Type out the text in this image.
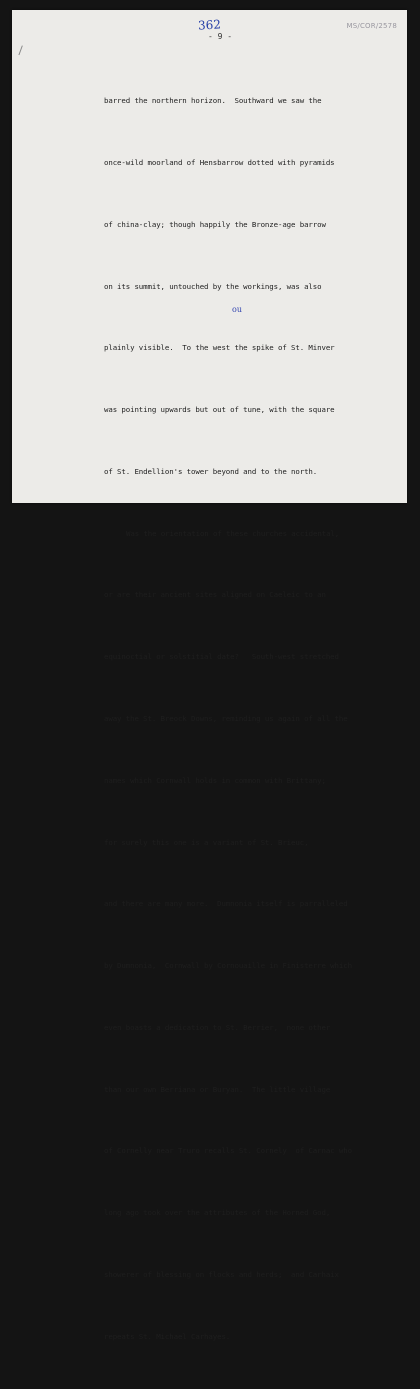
362
- 9 -
MS/COR/2578
ou

barred the northern horizon.  Southward we saw the

once-wild moorland of Hensbarrow dotted with pyramids

of china-clay; though happily the Bronze-age barrow

on its summit, untouched by the workings, was also

plainly visible.  To the west the spike of St. Minver

was pointing upwards but out of tune, with the square

of St. Endellion's tower beyond and to the north.

Was the orientation of these churches accidental,

or are their ancient sites aligned on Caeleic to an

equinoctial or solstitial date?   South-west stretched

away the St. Breock Downs, reminding us again of all the

names which Cornwall holds in common with Brittany;

for surely this one is a variant of St. Brieuc,

and there are many more.  Dumnonia itself is parralleled

by Dumnonia,  Cornwall by Cornouaille in Finisterre which

even boasts a dedication to St. Berrier,  none other

than our own Berriana or Buryan.  The little village

of Cornelly near Truro recalls St. Cornely  of Carnac who

long ago took over the attributes of the Horned God,

showerer of blessing on flocks and herds;  and Carhaix

repeats St. Michael Carhayes.
